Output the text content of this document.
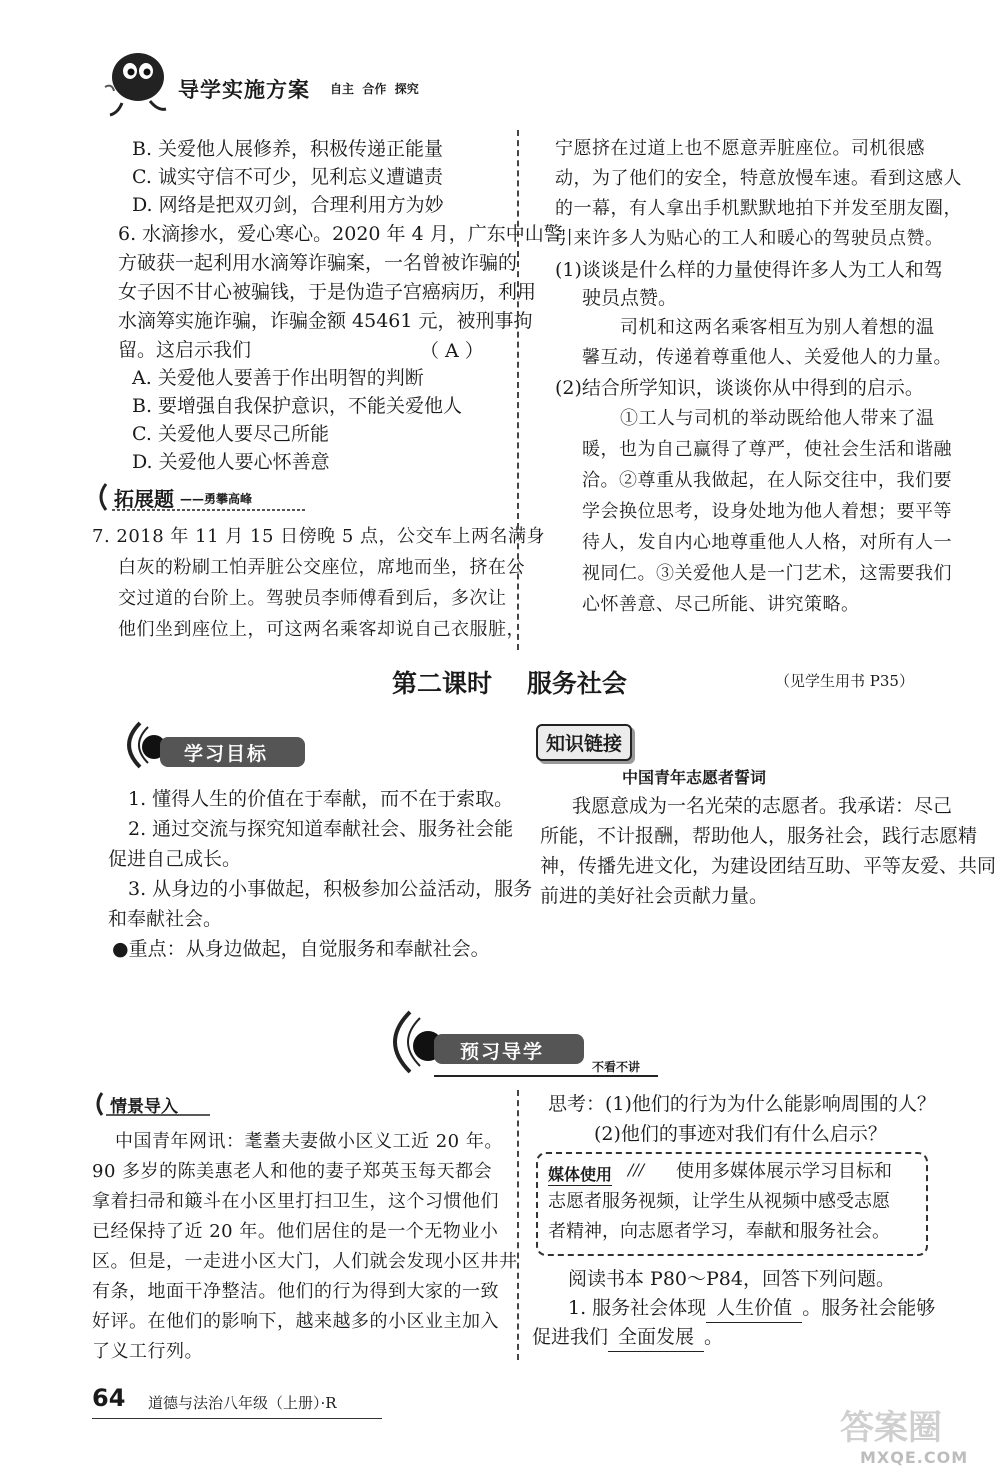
导学实施方案 自主  合作  探究
B. 关爱他人展修养，积极传递正能量
C. 诚实守信不可少，见利忘义遭谴责
D. 网络是把双刃剑，合理利用方为妙
6. 水滴掺水，爱心寒心。2020 年 4 月，广东中山警
方破获一起利用水滴筹诈骗案，一名曾被诈骗的
女子因不甘心被骗钱，于是伪造子宫癌病历，利用
水滴筹实施诈骗，诈骗金额 45461 元，被刑事拘
留。这启示我们	（ A ）
A. 关爱他人要善于作出明智的判断
B. 要增强自我保护意识，不能关爱他人
C. 关爱他人要尽己所能
D. 关爱他人要心怀善意
拓展题 ——勇攀高峰
7. 2018 年 11 月 15 日傍晚 5 点，公交车上两名满身
白灰的粉刷工怕弄脏公交座位，席地而坐，挤在公
交过道的台阶上。驾驶员李师傅看到后，多次让
他们坐到座位上，可这两名乘客却说自己衣服脏，
宁愿挤在过道上也不愿意弄脏座位。司机很感
动，为了他们的安全，特意放慢车速。看到这感人
的一幕，有人拿出手机默默地拍下并发至朋友圈，
引来许多人为贴心的工人和暖心的驾驶员点赞。
(1)谈谈是什么样的力量使得许多人为工人和驾
驶员点赞。
司机和这两名乘客相互为别人着想的温
馨互动，传递着尊重他人、关爱他人的力量。
(2)结合所学知识，谈谈你从中得到的启示。
①工人与司机的举动既给他人带来了温
暖，也为自己赢得了尊严，使社会生活和谐融
洽。②尊重从我做起，在人际交往中，我们要
学会换位思考，设身处地为他人着想；要平等
待人，发自内心地尊重他人人格，对所有人一
视同仁。③关爱他人是一门艺术，这需要我们
心怀善意、尽己所能、讲究策略。
第二课时    服务社会	（见学生用书 P35）
学习目标
1. 懂得人生的价值在于奉献，而不在于索取。
2. 通过交流与探究知道奉献社会、服务社会能
促进自己成长。
3. 从身边的小事做起，积极参加公益活动，服务
和奉献社会。
●重点：从身边做起，自觉服务和奉献社会。
知识链接
中国青年志愿者誓词
我愿意成为一名光荣的志愿者。我承诺：尽己
所能，不计报酬，帮助他人，服务社会，践行志愿精
神，传播先进文化，为建设团结互助、平等友爱、共同
前进的美好社会贡献力量。
预习导学
不看不讲
情景导入
中国青年网讯：耄耋夫妻做小区义工近 20 年。
90 多岁的陈美惠老人和他的妻子郑英玉每天都会
拿着扫帚和簸斗在小区里打扫卫生，这个习惯他们
已经保持了近 20 年。他们居住的是一个无物业小
区。但是，一走进小区大门，人们就会发现小区井井
有条，地面干净整洁。他们的行为得到大家的一致
好评。在他们的影响下，越来越多的小区业主加入
了义工行列。
思考：(1)他们的行为为什么能影响周围的人？
(2)他们的事迹对我们有什么启示？
媒体使用 /// 使用多媒体展示学习目标和
志愿者服务视频，让学生从视频中感受志愿
者精神，向志愿者学习，奉献和服务社会。
阅读书本 P80～P84，回答下列问题。
1. 服务社会体现 人生价值 。服务社会能够
促进我们 全面发展 。
64 道德与法治八年级（上册）·R
答案圈
MXQE.COM
